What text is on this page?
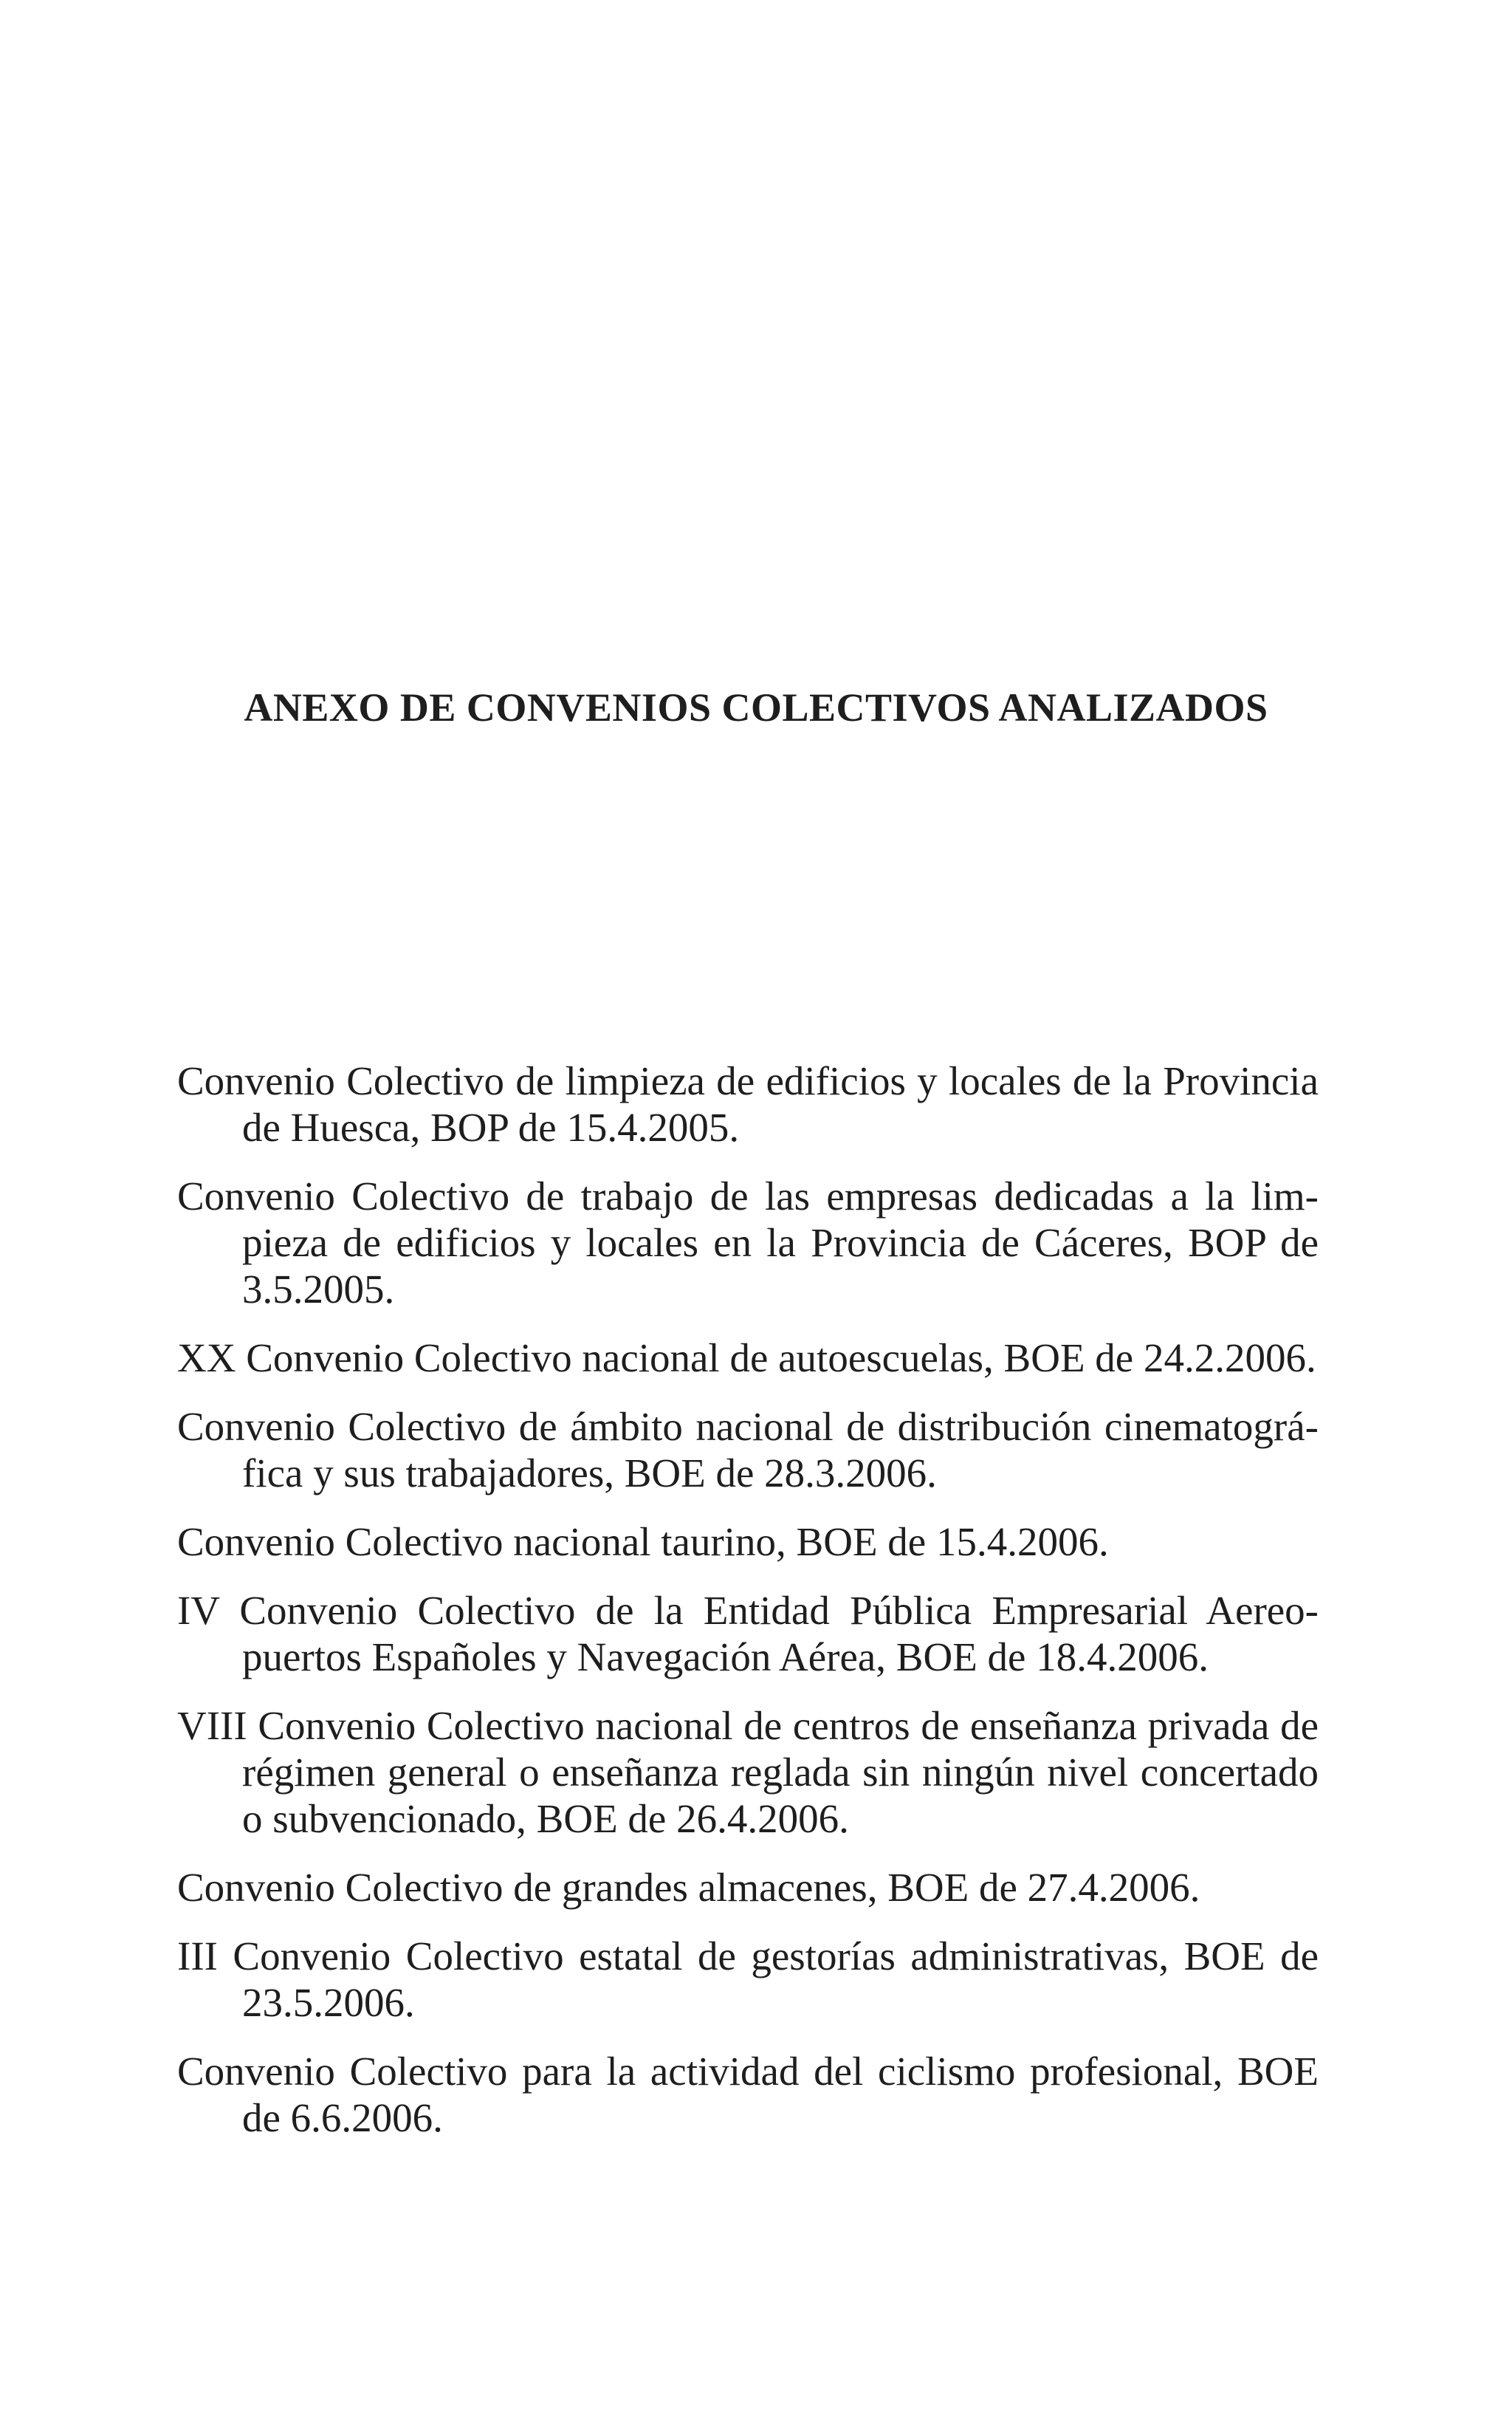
ANEXO DE CONVENIOS COLECTIVOS ANALIZADOS
Convenio Colectivo de limpieza de edificios y locales de la Provincia de Huesca, BOP de 15.4.2005.
Convenio Colectivo de trabajo de las empresas dedicadas a la limpieza de edificios y locales en la Provincia de Cáceres, BOP de 3.5.2005.
XX Convenio Colectivo nacional de autoescuelas, BOE de 24.2.2006.
Convenio Colectivo de ámbito nacional de distribución cinematográfica y sus trabajadores, BOE de 28.3.2006.
Convenio Colectivo nacional taurino, BOE de 15.4.2006.
IV Convenio Colectivo de la Entidad Pública Empresarial Aereopuertos Españoles y Navegación Aérea, BOE de 18.4.2006.
VIII Convenio Colectivo nacional de centros de enseñanza privada de régimen general o enseñanza reglada sin ningún nivel concertado o subvencionado, BOE de 26.4.2006.
Convenio Colectivo de grandes almacenes, BOE de 27.4.2006.
III Convenio Colectivo estatal de gestorías administrativas, BOE de 23.5.2006.
Convenio Colectivo para la actividad del ciclismo profesional, BOE de 6.6.2006.
